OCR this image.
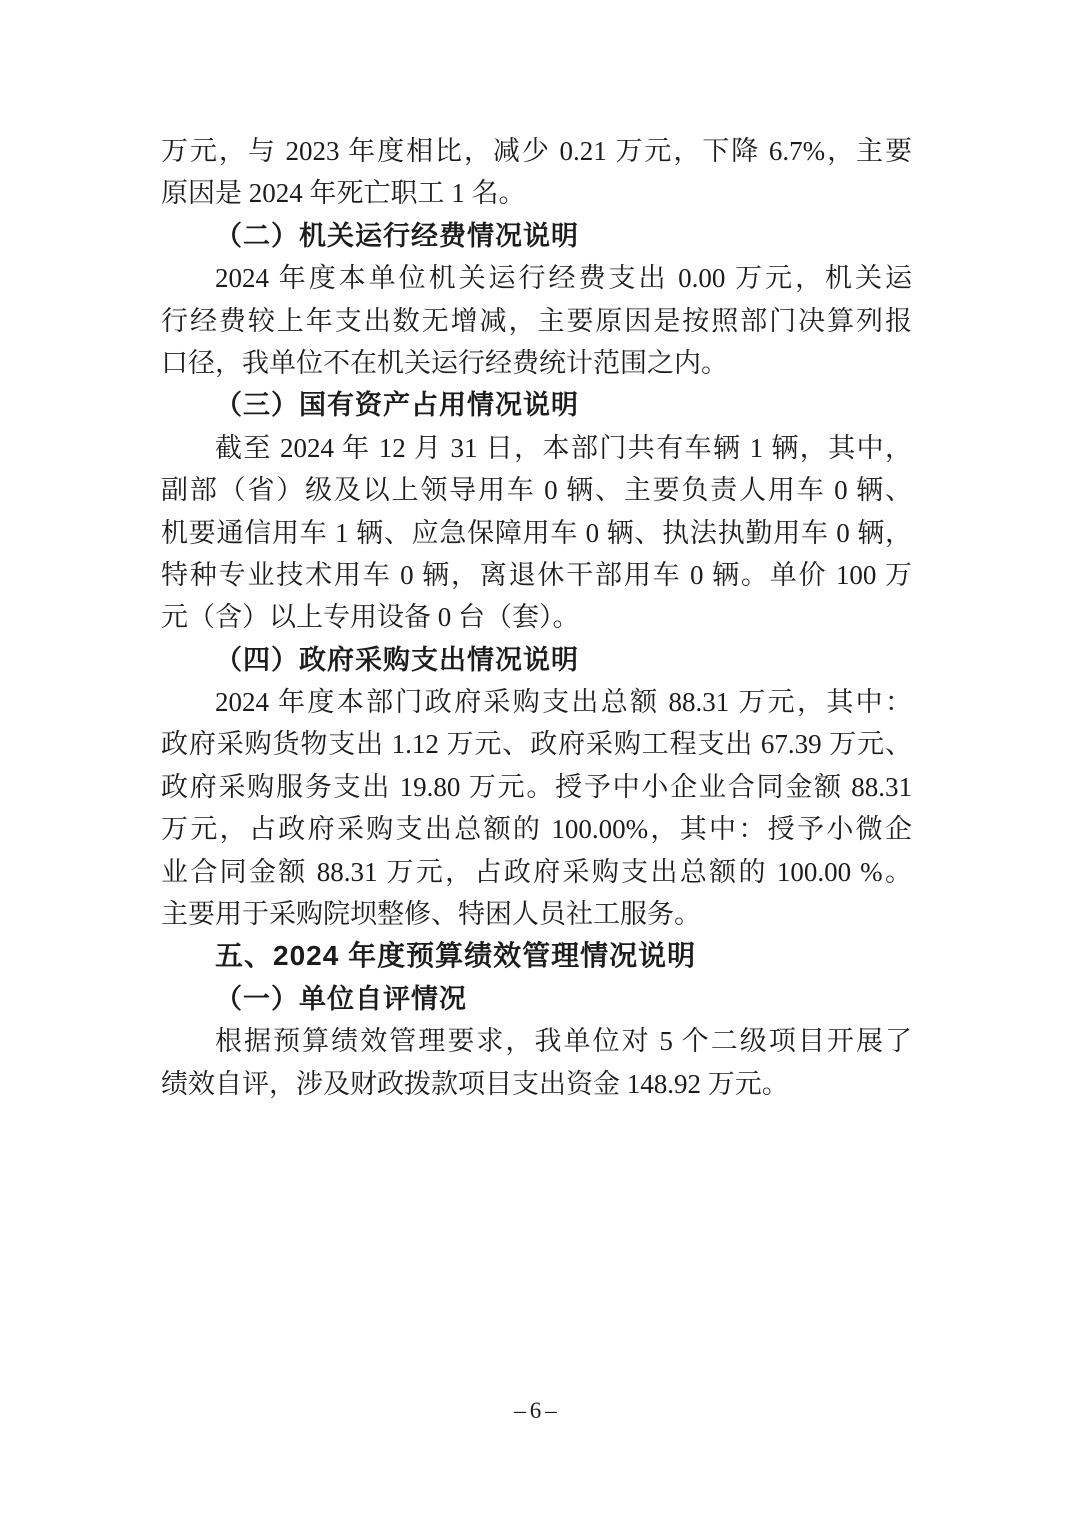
万元，与 2023 年度相比，减少 0.21 万元，下降 6.7%，主要
原因是 2024 年死亡职工 1 名。
（二）机关运行经费情况说明
2024 年度本单位机关运行经费支出 0.00 万元，机关运
行经费较上年支出数无增减，主要原因是按照部门决算列报
口径，我单位不在机关运行经费统计范围之内。
（三）国有资产占用情况说明
截至 2024 年 12 月 31 日，本部门共有车辆 1 辆，其中，
副部（省）级及以上领导用车 0 辆、主要负责人用车 0 辆、
机要通信用车 1 辆、应急保障用车 0 辆、执法执勤用车 0 辆，
特种专业技术用车 0 辆，离退休干部用车 0 辆。单价 100 万
元（含）以上专用设备 0 台（套）。
（四）政府采购支出情况说明
2024 年度本部门政府采购支出总额 88.31 万元，其中：
政府采购货物支出 1.12 万元、政府采购工程支出 67.39 万元、
政府采购服务支出 19.80 万元。授予中小企业合同金额 88.31
万元，占政府采购支出总额的 100.00%，其中：授予小微企
业合同金额 88.31 万元，占政府采购支出总额的 100.00 %。
主要用于采购院坝整修、特困人员社工服务。
五、2024 年度预算绩效管理情况说明
（一）单位自评情况
根据预算绩效管理要求，我单位对 5 个二级项目开展了
绩效自评，涉及财政拨款项目支出资金 148.92 万元。
–6–
